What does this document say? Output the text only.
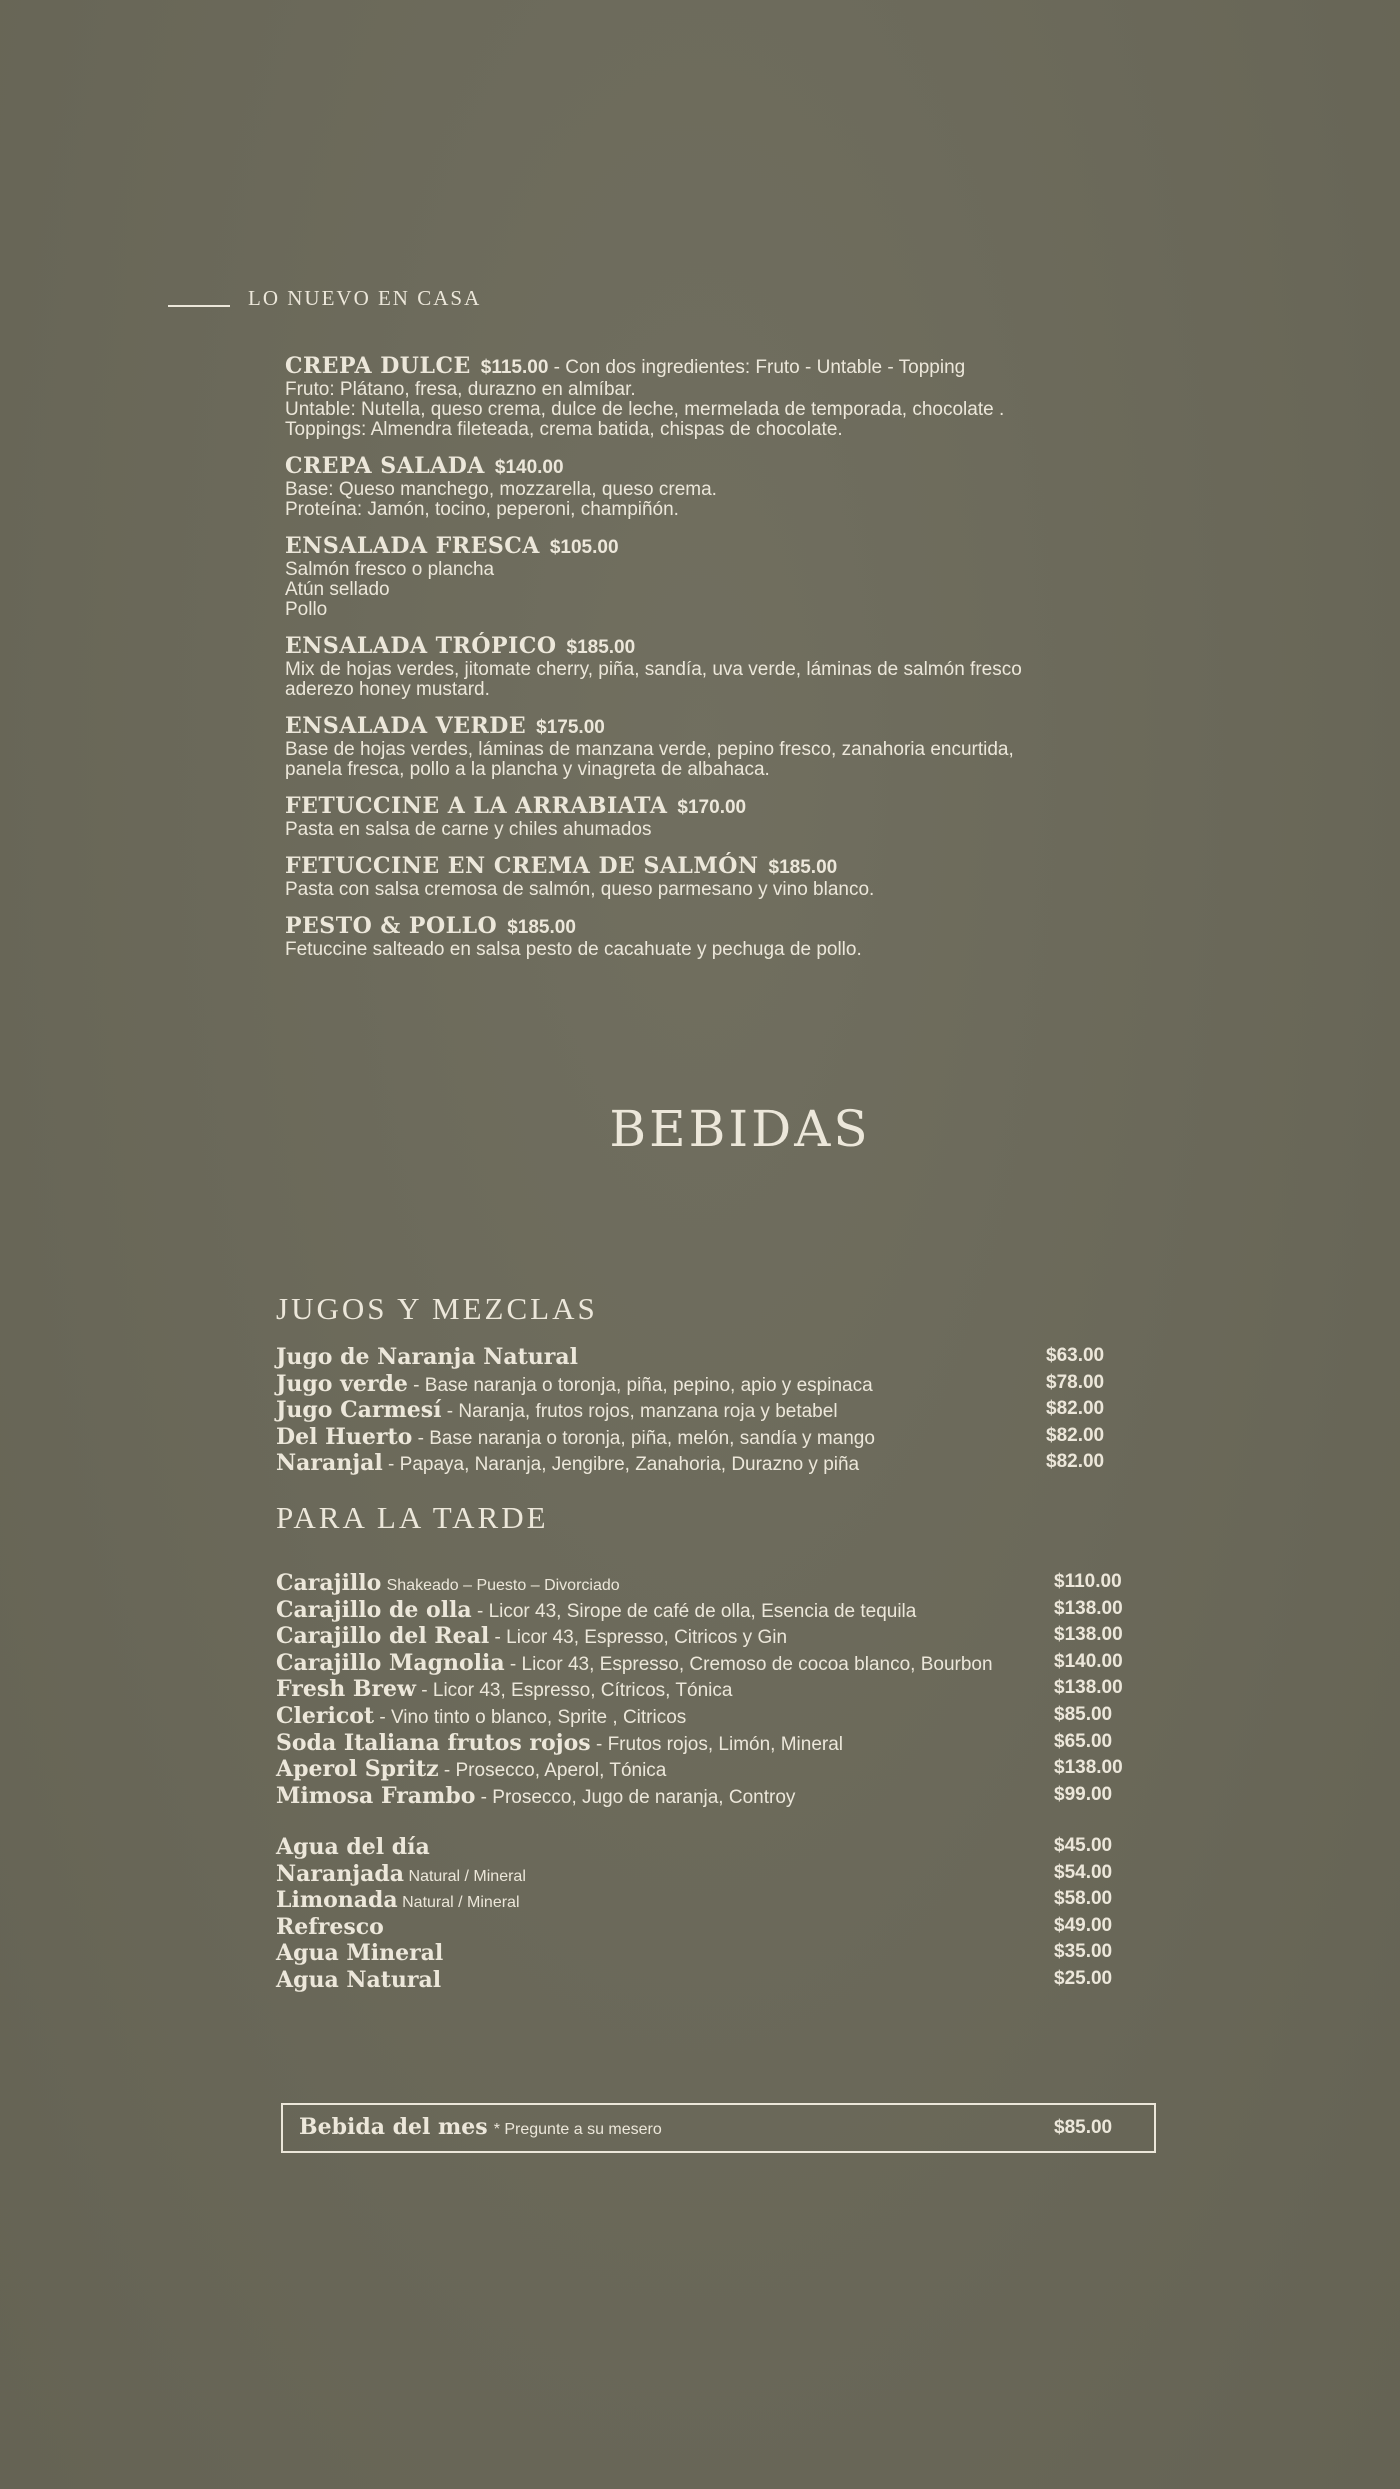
LO NUEVO EN CASA
CREPA DULCE $115.00 - Con dos ingredientes: Fruto - Untable - Topping
Fruto: Plátano, fresa, durazno en almíbar.
Untable: Nutella, queso crema, dulce de leche, mermelada de temporada, chocolate .
Toppings: Almendra fileteada, crema batida, chispas de chocolate.
CREPA SALADA $140.00
Base: Queso manchego, mozzarella, queso crema.
Proteína: Jamón, tocino, peperoni, champiñón.
ENSALADA FRESCA $105.00
Salmón fresco o plancha
Atún sellado
Pollo
ENSALADA TRÓPICO $185.00
Mix de hojas verdes, jitomate cherry, piña, sandía, uva verde, láminas de salmón fresco
aderezo honey mustard.
ENSALADA VERDE $175.00
Base de hojas verdes, láminas de manzana verde, pepino fresco, zanahoria encurtida,
panela fresca, pollo a la plancha y vinagreta de albahaca.
FETUCCINE A LA ARRABIATA $170.00
Pasta en salsa de carne y chiles ahumados
FETUCCINE EN CREMA DE SALMÓN $185.00
Pasta con salsa cremosa de salmón, queso parmesano y vino blanco.
PESTO & POLLO $185.00
Fetuccine salteado en salsa pesto de cacahuate y pechuga de pollo.
BEBIDAS
JUGOS Y MEZCLAS
Jugo de Naranja Natural	$63.00
Jugo verde - Base naranja o toronja, piña, pepino, apio y espinaca	$78.00
Jugo Carmesí - Naranja, frutos rojos, manzana roja y betabel	$82.00
Del Huerto - Base naranja o toronja, piña, melón, sandía y mango	$82.00
Naranjal - Papaya, Naranja, Jengibre, Zanahoria, Durazno y piña	$82.00
PARA LA TARDE
Carajillo Shakeado – Puesto – Divorciado	$110.00
Carajillo de olla - Licor 43, Sirope de café de olla, Esencia de tequila	$138.00
Carajillo del Real - Licor 43, Espresso, Citricos y Gin	$138.00
Carajillo Magnolia - Licor 43, Espresso, Cremoso de cocoa blanco, Bourbon	$140.00
Fresh Brew - Licor 43, Espresso, Cítricos, Tónica	$138.00
Clericot - Vino tinto o blanco, Sprite , Citricos	$85.00
Soda Italiana frutos rojos - Frutos rojos, Limón, Mineral	$65.00
Aperol Spritz - Prosecco, Aperol, Tónica	$138.00
Mimosa Frambo - Prosecco, Jugo de naranja, Controy	$99.00
Agua del día	$45.00
Naranjada Natural / Mineral	$54.00
Limonada Natural / Mineral	$58.00
Refresco	$49.00
Agua Mineral	$35.00
Agua Natural	$25.00
Bebida del mes * Pregunte a su mesero	$85.00
